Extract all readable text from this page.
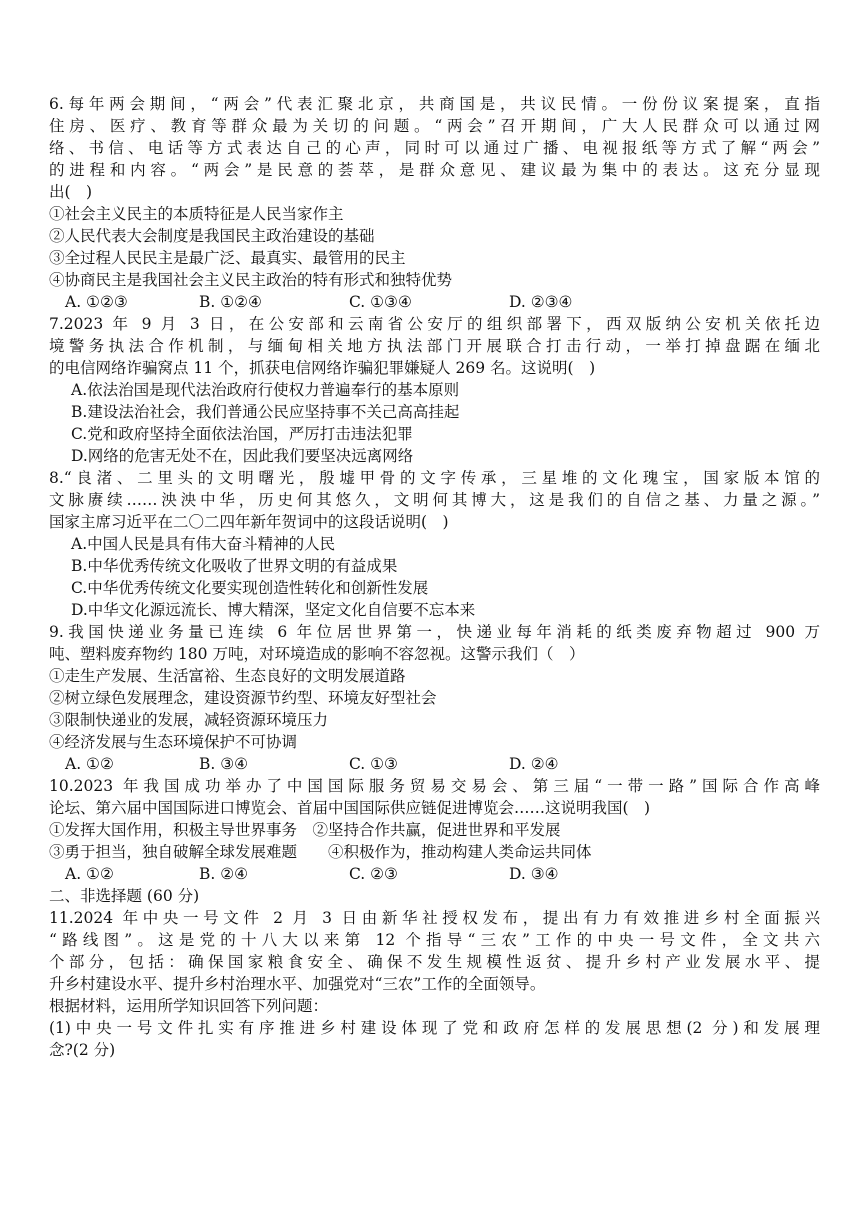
6.每年两会期间，“两会”代表汇聚北京，共商国是，共议民情。一份份议案提案，直指
住房、医疗、教育等群众最为关切的问题。“两会”召开期间，广大人民群众可以通过网
络、书信、电话等方式表达自己的心声，同时可以通过广播、电视报纸等方式了解“两会”
的进程和内容。“两会”是民意的荟萃，是群众意见、建议最为集中的表达。这充分显现
出(　)
①社会主义民主的本质特征是人民当家作主
②人民代表大会制度是我国民主政治建设的基础
③全过程人民民主是最广泛、最真实、最管用的民主
④协商民主是我国社会主义民主政治的特有形式和独特优势
A. ①②③	B. ①②④	C. ①③④	D. ②③④
7.2023 年 9 月 3 日，在公安部和云南省公安厅的组织部署下，西双版纳公安机关依托边
境警务执法合作机制，与缅甸相关地方执法部门开展联合打击行动，一举打掉盘踞在缅北
的电信网络诈骗窝点 11 个，抓获电信网络诈骗犯罪嫌疑人 269 名。这说明(　)
A.依法治国是现代法治政府行使权力普遍奉行的基本原则
B.建设法治社会，我们普通公民应坚持事不关己高高挂起
C.党和政府坚持全面依法治国，严厉打击违法犯罪
D.网络的危害无处不在，因此我们要坚决远离网络
8.“良渚、二里头的文明曙光，殷墟甲骨的文字传承，三星堆的文化瑰宝，国家版本馆的
文脉赓续……泱泱中华，历史何其悠久，文明何其博大，这是我们的自信之基、力量之源。”
国家主席习近平在二〇二四年新年贺词中的这段话说明(　)
A.中国人民是具有伟大奋斗精神的人民
B.中华优秀传统文化吸收了世界文明的有益成果
C.中华优秀传统文化要实现创造性转化和创新性发展
D.中华文化源远流长、博大精深，坚定文化自信要不忘本来
9.我国快递业务量已连续 6 年位居世界第一，快递业每年消耗的纸类废弃物超过 900 万
吨、塑料废弃物约 180 万吨，对环境造成的影响不容忽视。这警示我们（　）
①走生产发展、生活富裕、生态良好的文明发展道路
②树立绿色发展理念，建设资源节约型、环境友好型社会
③限制快递业的发展，减轻资源环境压力
④经济发展与生态环境保护不可协调
A. ①②	B. ③④	C. ①③	D. ②④
10.2023 年我国成功举办了中国国际服务贸易交易会、第三届“一带一路”国际合作高峰
论坛、第六届中国国际进口博览会、首届中国国际供应链促进博览会……这说明我国(　)
①发挥大国作用，积极主导世界事务　②坚持合作共赢，促进世界和平发展
③勇于担当，独自破解全球发展难题　　④积极作为，推动构建人类命运共同体
A. ①②	B. ②④	C. ②③	D. ③④
二、非选择题 (60 分)
11.2024 年中央一号文件 2 月 3 日由新华社授权发布，提出有力有效推进乡村全面振兴
“路线图”。这是党的十八大以来第 12 个指导“三农”工作的中央一号文件，全文共六
个部分，包括：确保国家粮食安全、确保不发生规模性返贫、提升乡村产业发展水平、提
升乡村建设水平、提升乡村治理水平、加强党对“三农”工作的全面领导。
根据材料，运用所学知识回答下列问题：
(1)中央一号文件扎实有序推进乡村建设体现了党和政府怎样的发展思想(2 分)和发展理
念?(2 分)
